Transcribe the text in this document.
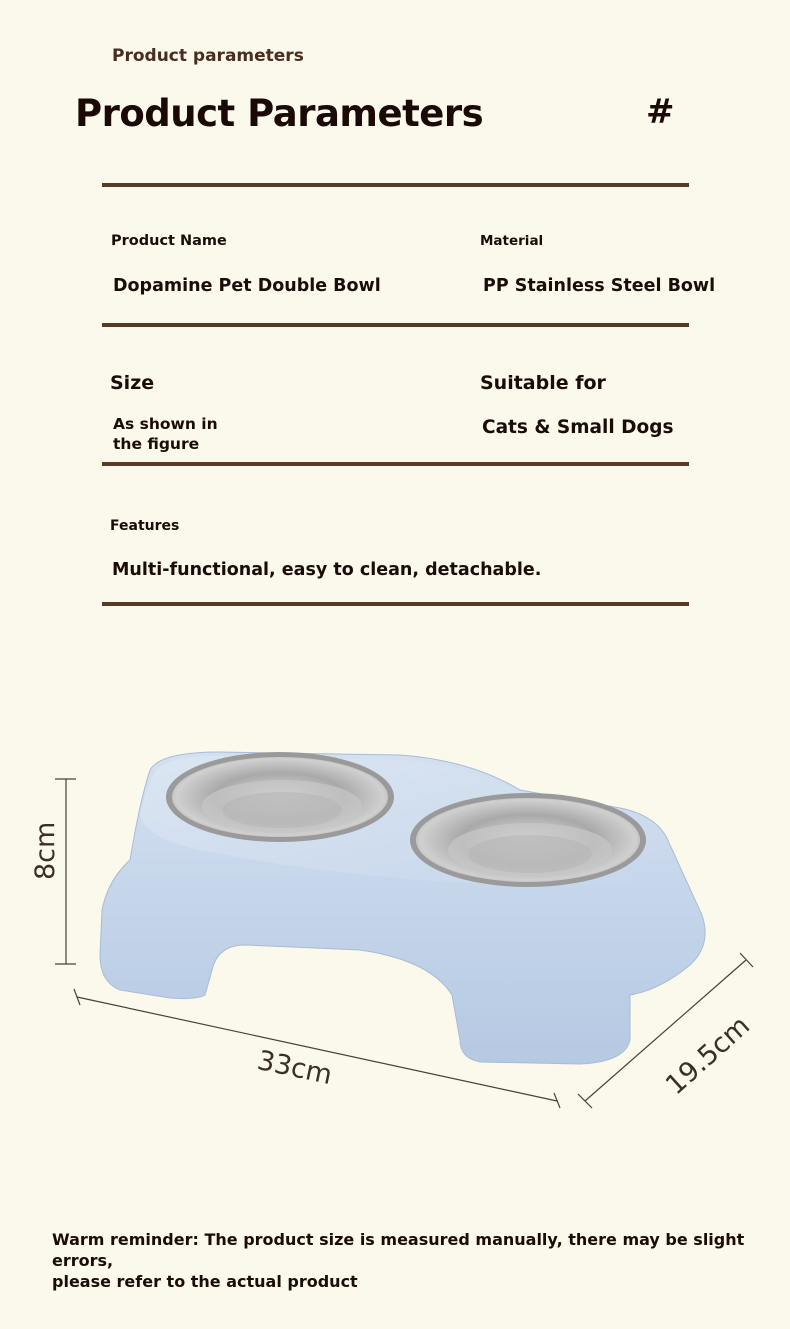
Product parameters
Product Parameters	#
Product Name
Dopamine Pet Double Bowl
Material
PP Stainless Steel Bowl
Size
As shown in
the figure
Suitable for
Cats & Small Dogs
Features
Multi-functional, easy to clean, detachable.
8cm
33cm	19.5cm
Warm reminder: The product size is measured manually, there may be slight errors,
please refer to the actual product
